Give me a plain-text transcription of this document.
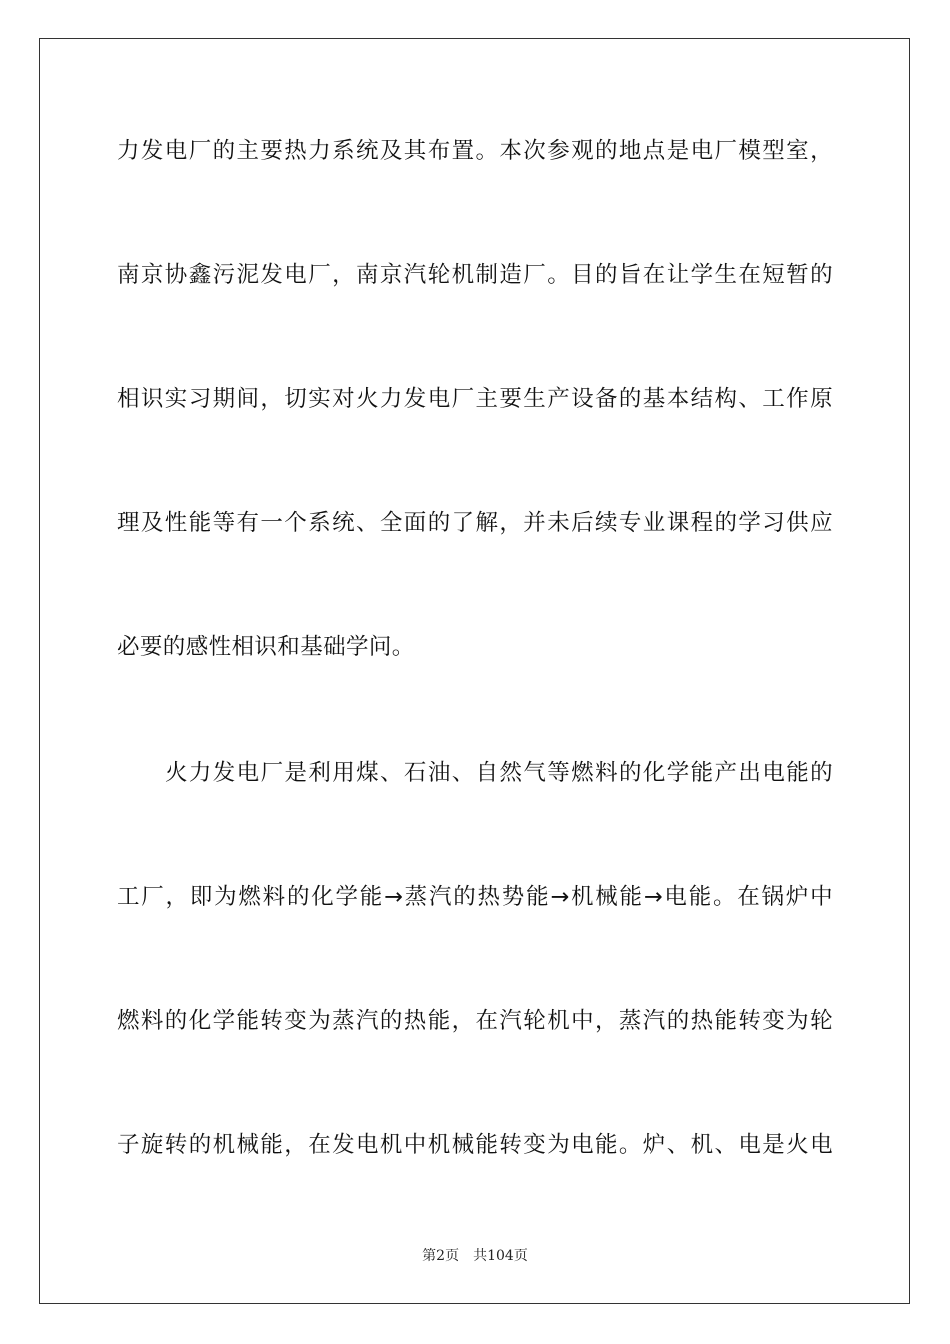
力发电厂的主要热力系统及其布置。本次参观的地点是电厂模型室，
南京协鑫污泥发电厂，南京汽轮机制造厂。目的旨在让学生在短暂的
相识实习期间，切实对火力发电厂主要生产设备的基本结构、工作原
理及性能等有一个系统、全面的了解，并未后续专业课程的学习供应
必要的感性相识和基础学问。
火力发电厂是利用煤、石油、自然气等燃料的化学能产出电能的
工厂，即为燃料的化学能→蒸汽的热势能→机械能→电能。在锅炉中
燃料的化学能转变为蒸汽的热能，在汽轮机中，蒸汽的热能转变为轮
子旋转的机械能，在发电机中机械能转变为电能。炉、机、电是火电
第2页 共104页
